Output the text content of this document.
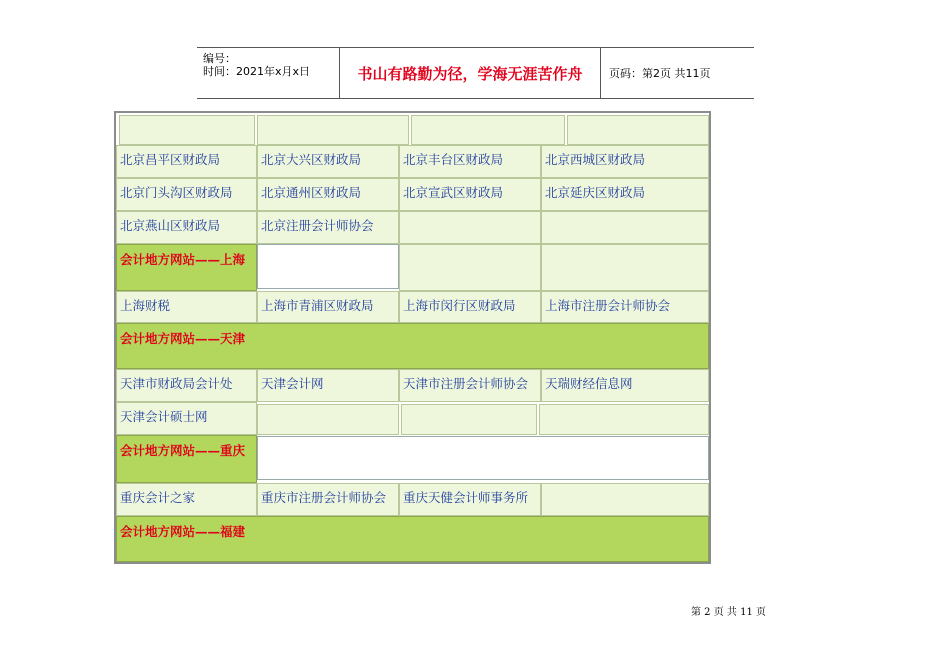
编号：
时间：2021年x月x日	书山有路勤为径，学海无涯苦作舟	页码：第2页 共11页
北京昌平区财政局	北京大兴区财政局	北京丰台区财政局	北京西城区财政局
北京门头沟区财政局	北京通州区财政局	北京宣武区财政局	北京延庆区财政局
北京燕山区财政局	北京注册会计师协会
会计地方网站——上海
上海财税	上海市青浦区财政局	上海市闵行区财政局	上海市注册会计师协会
会计地方网站——天津
天津市财政局会计处	天津会计网	天津市注册会计师协会	天瑞财经信息网
天津会计硕士网
会计地方网站——重庆
重庆会计之家	重庆市注册会计师协会	重庆天健会计师事务所
会计地方网站——福建
第 2 页 共 11 页
